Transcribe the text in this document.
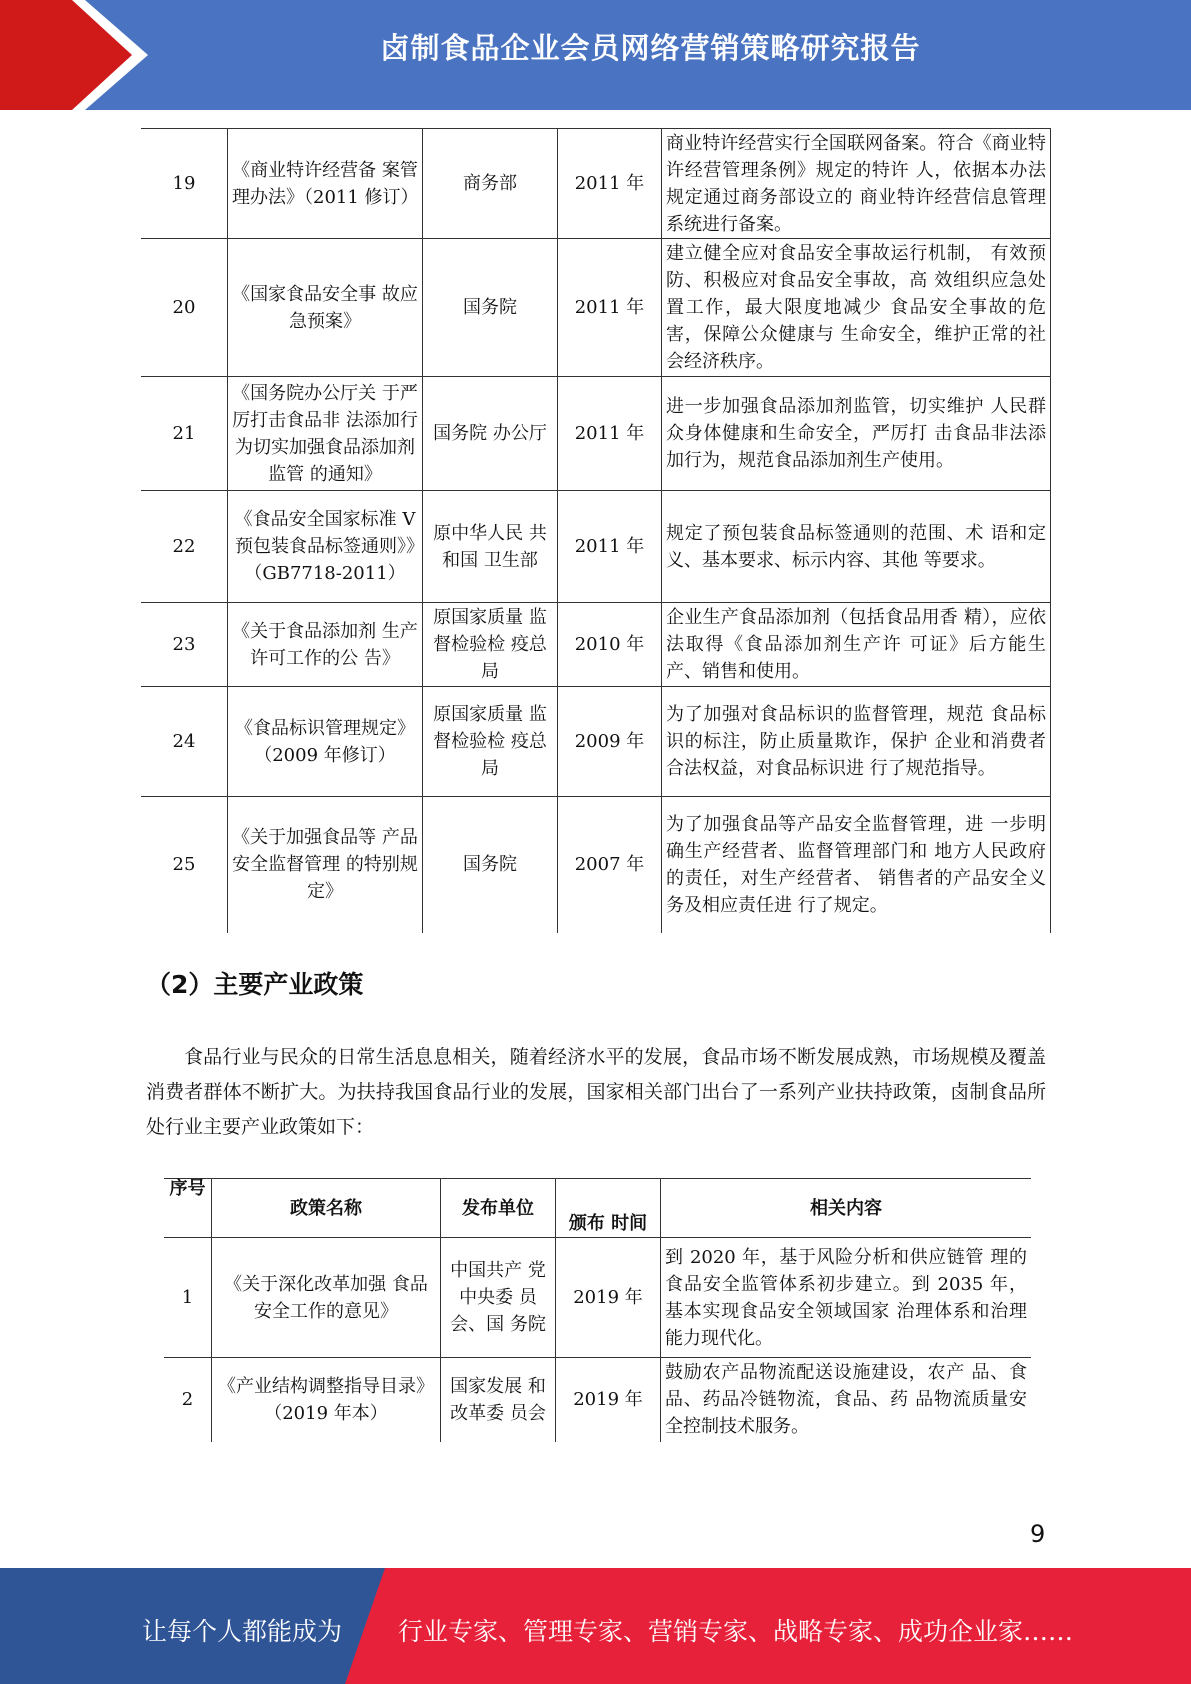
卤制食品企业会员网络营销策略研究报告
19	《商业特许经营备 案管理办法》（2011 修订）	商务部	2011 年	商业特许经营实行全国联网备案。符合《商业特许经营管理条例》规定的特许 人，依据本办法规定通过商务部设立的 商业特许经营信息管理系统进行备案。
20	《国家食品安全事 故应急预案》	国务院	2011 年	建立健全应对食品安全事故运行机制， 有效预防、积极应对食品安全事故，高 效组织应急处置工作，最大限度地减少 食品安全事故的危害，保障公众健康与 生命安全，维护正常的社会经济秩序。
21	《国务院办公厅关 于严厉打击食品非 法添加行为切实加强食品添加剂监管 的通知》	国务院 办公厅	2011 年	进一步加强食品添加剂监管，切实维护 人民群众身体健康和生命安全，严厉打 击食品非法添加行为，规范食品添加剂生产使用。
22	《食品安全国家标准 V 预包装食品标签通则》》（GB7718-2011）	原中华人民 共和国 卫生部	2011 年	规定了预包装食品标签通则的范围、术 语和定义、基本要求、标示内容、其他 等要求。
23	《关于食品添加剂 生产许可工作的公 告》	原国家质量 监督检验检 疫总局	2010 年	企业生产食品添加剂（包括食品用香 精），应依法取得《食品添加剂生产许 可证》后方能生产、销售和使用。
24	《食品标识管理规定》（2009 年修订）	原国家质量 监督检验检 疫总局	2009 年	为了加强对食品标识的监督管理，规范 食品标识的标注，防止质量欺诈，保护 企业和消费者合法权益，对食品标识进 行了规范指导。
25	《关于加强食品等 产品安全监督管理 的特别规定》	国务院	2007 年	为了加强食品等产品安全监督管理，进 一步明确生产经营者、监督管理部门和 地方人民政府的责任，对生产经营者、 销售者的产品安全义务及相应责任进 行了规定。
（2）主要产业政策
食品行业与民众的日常生活息息相关，随着经济水平的发展，食品市场不断发展成熟，市场规模及覆盖消费者群体不断扩大。为扶持我国食品行业的发展，国家相关部门出台了一系列产业扶持政策，卤制食品所处行业主要产业政策如下：
序号	政策名称	发布单位	颁布 时间	相关内容
1	《关于深化改革加强 食品安全工作的意见》	中国共产 党中央委 员会、国 务院	2019 年	到 2020 年，基于风险分析和供应链管 理的食品安全监管体系初步建立。到 2035 年，基本实现食品安全领域国家 治理体系和治理能力现代化。
2	《产业结构调整指导目录》（2019 年本）	国家发展 和改革委 员会	2019 年	鼓励农产品物流配送设施建设，农产 品、食品、药品冷链物流，食品、药 品物流质量安全控制技术服务。
9
让每个人都能成为 行业专家、管理专家、营销专家、战略专家、成功企业家……
